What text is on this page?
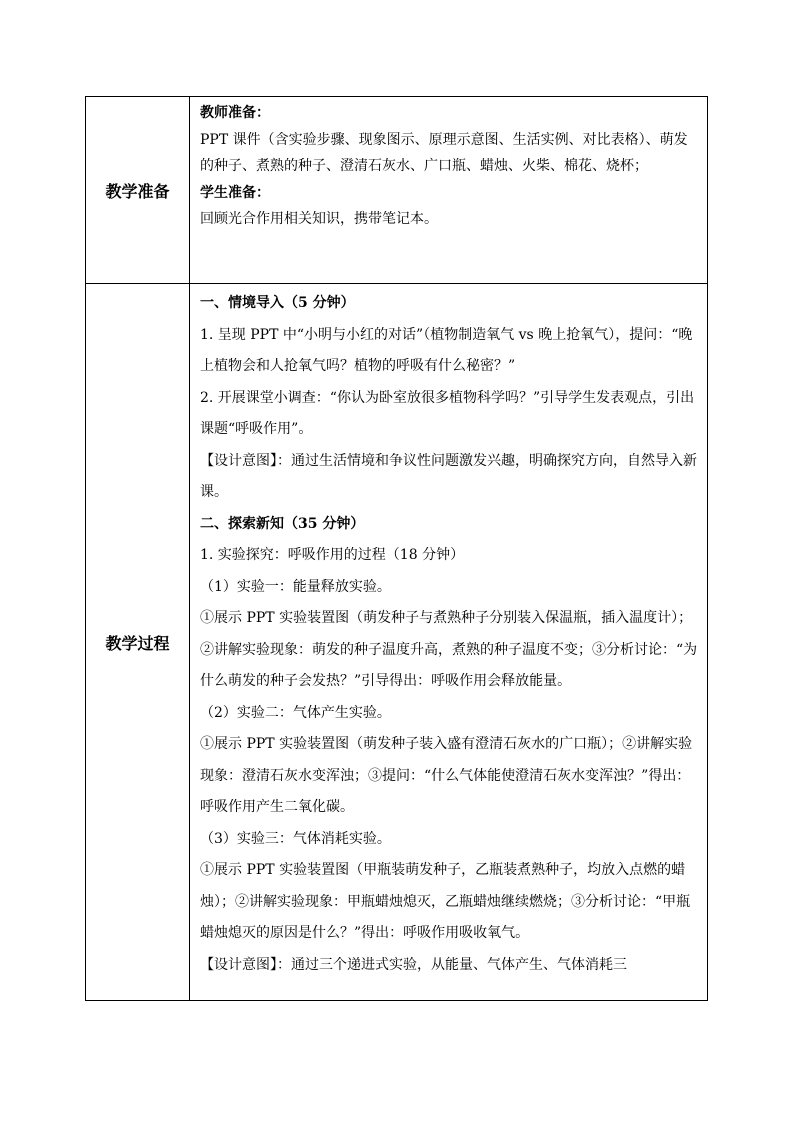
教学准备

教师准备：

PPT 课件（含实验步骤、现象图示、原理示意图、生活实例、对比表格）、萌发的种子、煮熟的种子、澄清石灰水、广口瓶、蜡烛、火柴、棉花、烧杯；

学生准备：

回顾光合作用相关知识，携带笔记本。

教学过程

一、情境导入（5 分钟）

1. 呈现 PPT 中“小明与小红的对话”（植物制造氧气 vs 晚上抢氧气），提问：“晚上植物会和人抢氧气吗？植物的呼吸有什么秘密？”

2. 开展课堂小调查：“你认为卧室放很多植物科学吗？”引导学生发表观点，引出课题“呼吸作用”。

【设计意图】：通过生活情境和争议性问题激发兴趣，明确探究方向，自然导入新课。

二、探索新知（35 分钟）

1. 实验探究：呼吸作用的过程（18 分钟）

（1）实验一：能量释放实验。

①展示 PPT 实验装置图（萌发种子与煮熟种子分别装入保温瓶，插入温度计）；②讲解实验现象：萌发的种子温度升高，煮熟的种子温度不变；③分析讨论：“为什么萌发的种子会发热？”引导得出：呼吸作用会释放能量。

（2）实验二：气体产生实验。

①展示 PPT 实验装置图（萌发种子装入盛有澄清石灰水的广口瓶）；②讲解实验现象：澄清石灰水变浑浊；③提问：“什么气体能使澄清石灰水变浑浊？”得出：呼吸作用产生二氧化碳。

（3）实验三：气体消耗实验。

①展示 PPT 实验装置图（甲瓶装萌发种子，乙瓶装煮熟种子，均放入点燃的蜡烛）；②讲解实验现象：甲瓶蜡烛熄灭，乙瓶蜡烛继续燃烧；③分析讨论：“甲瓶蜡烛熄灭的原因是什么？”得出：呼吸作用吸收氧气。

【设计意图】：通过三个递进式实验，从能量、气体产生、气体消耗三
